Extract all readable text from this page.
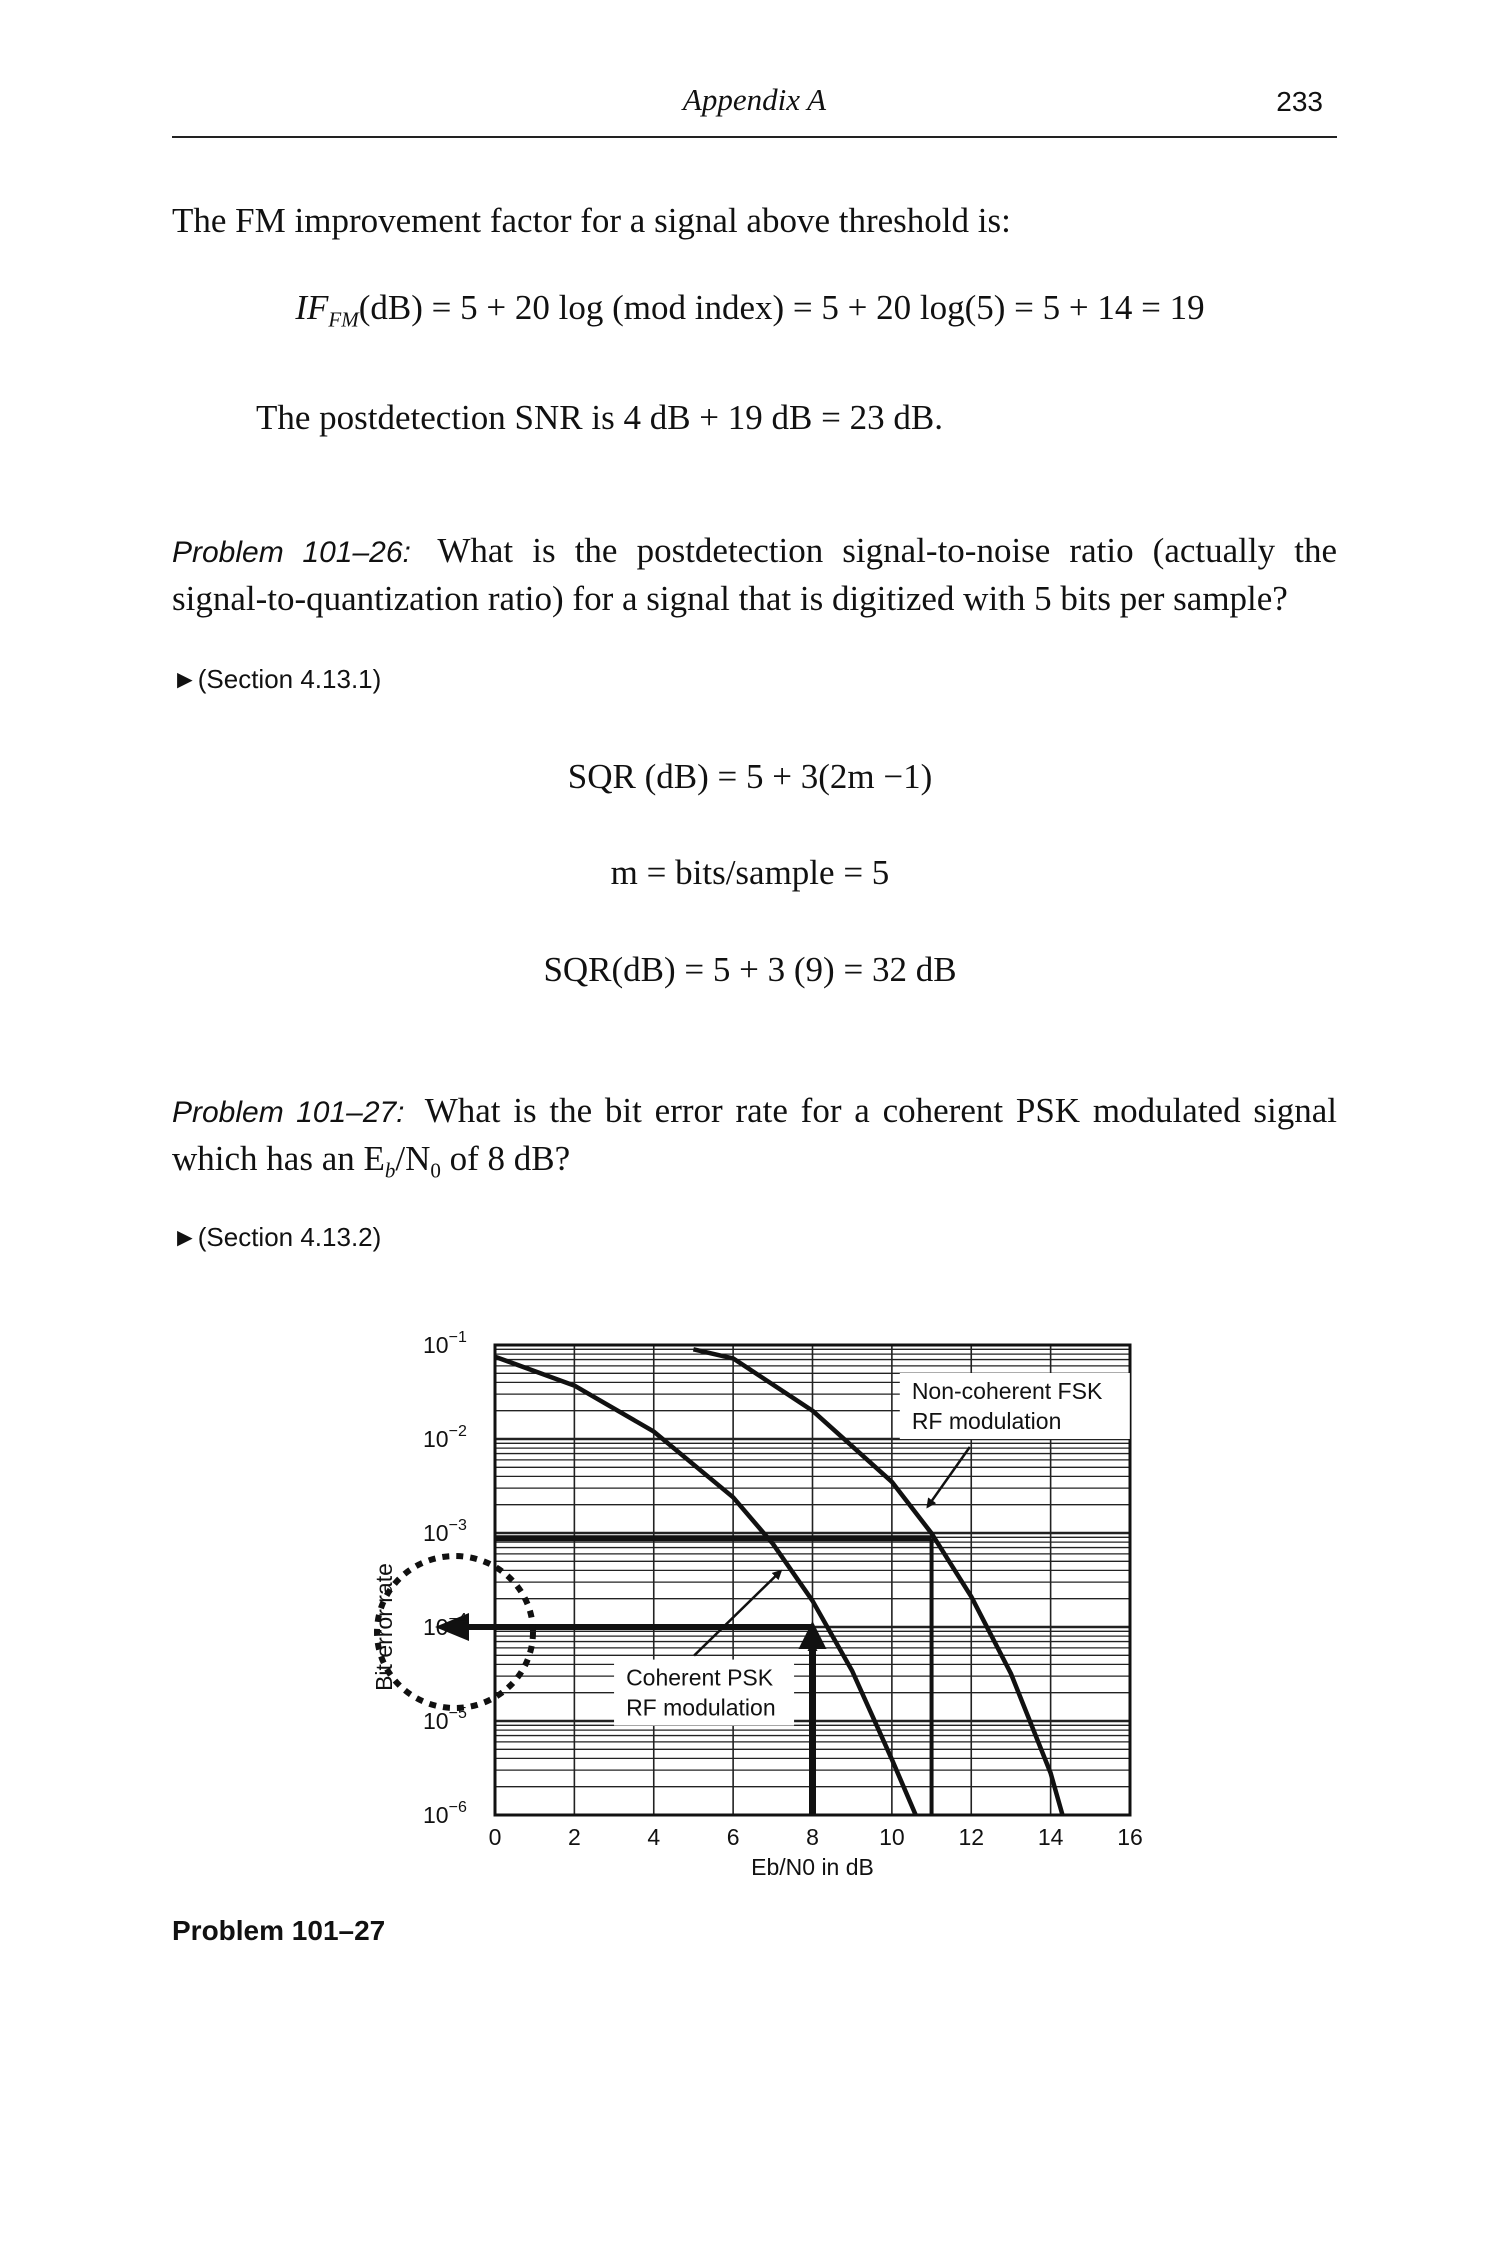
Appendix A	233
The FM improvement factor for a signal above threshold is:
$IF_{FM}(dB) = 5 + 20$ log (mod index) = 5 + 20 log(5) = 5 + 14 = 19
The postdetection SNR is 4 dB + 19 dB = 23 dB.
Problem 101–26: What is the postdetection signal-to-noise ratio (actually the signal-to-quantization ratio) for a signal that is digitized with 5 bits per sample?
►(Section 4.13.1)
SQR (dB) = 5 + 3(2m −1)
m = bits/sample = 5
SQR(dB) = 5 + 3 (9) = 32 dB
Problem 101–27: What is the bit error rate for a coherent PSK modulated signal which has an $E_b/N_0$ of 8 dB?
►(Section 4.13.2)
Non-coherent FSK
RF modulation
Coherent PSK
RF modulation
0	2	4	6	8	10 12 14 16
$10^{-1}$
$10^{-2}$
$10^{-3}$
$10^{-4}$
$10^{-5}$
$10^{-6}$
Eb/N0 in dB
Bit error rate
Problem 101–27
